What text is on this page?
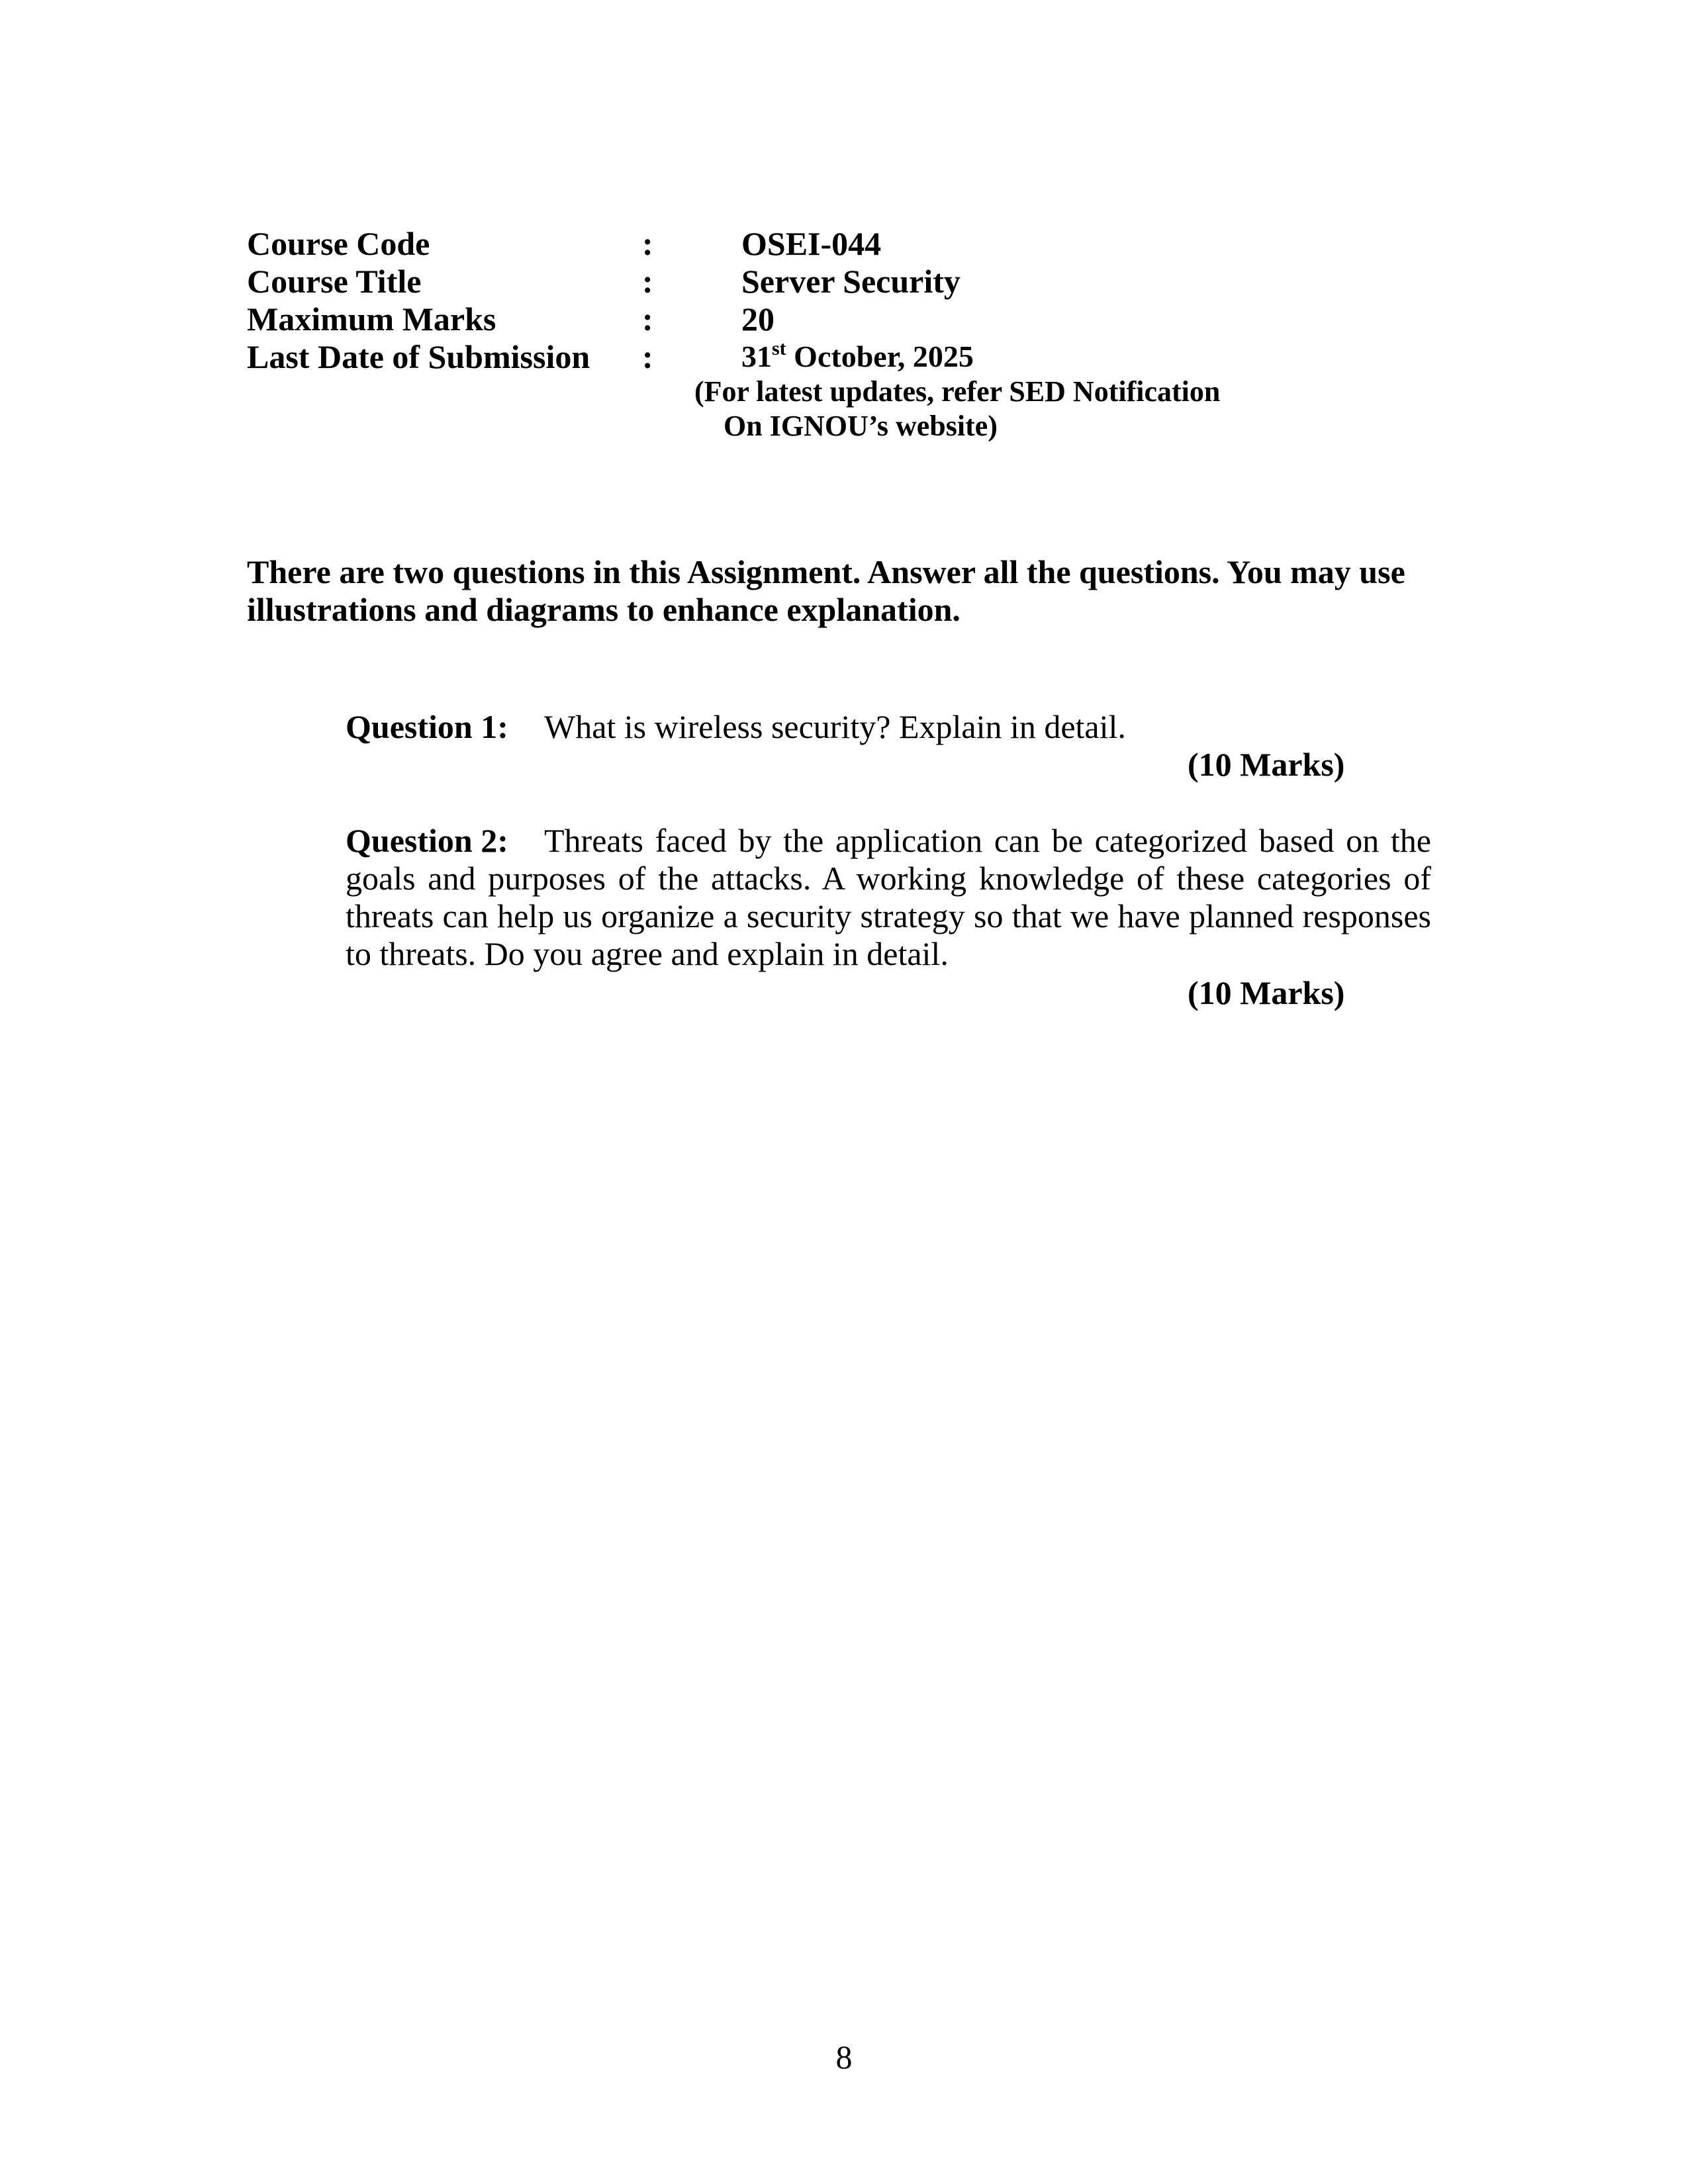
Course Code	:	OSEI-044
Course Title	:	Server Security
Maximum Marks	:	20
Last Date of Submission :	31st October, 2025
(For latest updates, refer SED Notification
On IGNOU’s website)
There are two questions in this Assignment. Answer all the questions. You may use illustrations and diagrams to enhance explanation.
Question 1: What is wireless security? Explain in detail.
(10 Marks)
Question 2: Threats faced by the application can be categorized based on the goals and purposes of the attacks. A working knowledge of these categories of threats can help us organize a security strategy so that we have planned responses to threats. Do you agree and explain in detail.
(10 Marks)
8
